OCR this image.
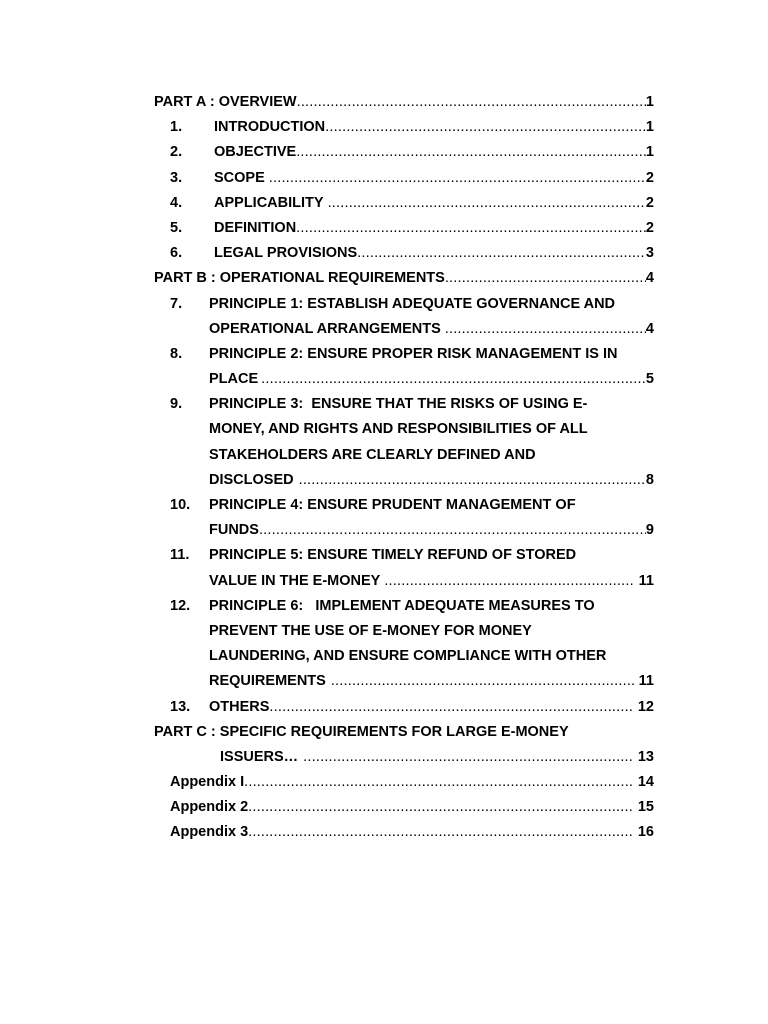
PART A : OVERVIEW .....	1
1. INTRODUCTION .....	1
2. OBJECTIVE .....	1
3. SCOPE .....	2
4. APPLICABILITY .....	2
5. DEFINITION .....	2
6. LEGAL PROVISIONS .....	3
PART B : OPERATIONAL REQUIREMENTS .....	4
7. PRINCIPLE 1: ESTABLISH ADEQUATE GOVERNANCE AND
OPERATIONAL ARRANGEMENTS .....	4
8. PRINCIPLE 2: ENSURE PROPER RISK MANAGEMENT IS IN
PLACE .....	5
9. PRINCIPLE 3:  ENSURE THAT THE RISKS OF USING E-
MONEY, AND RIGHTS AND RESPONSIBILITIES OF ALL
STAKEHOLDERS ARE CLEARLY DEFINED AND
DISCLOSED .....	8
10. PRINCIPLE 4: ENSURE PRUDENT MANAGEMENT OF
FUNDS .....	9
11. PRINCIPLE 5: ENSURE TIMELY REFUND OF STORED
VALUE IN THE E-MONEY .....	11
12. PRINCIPLE 6:   IMPLEMENT ADEQUATE MEASURES TO
PREVENT THE USE OF E-MONEY FOR MONEY
LAUNDERING, AND ENSURE COMPLIANCE WITH OTHER
REQUIREMENTS .....	11
13. OTHERS .....	12
PART C : SPECIFIC REQUIREMENTS FOR LARGE E-MONEY
ISSUERS… .....	13
Appendix I .....	14
Appendix 2 .....	15
Appendix 3 .....	16
